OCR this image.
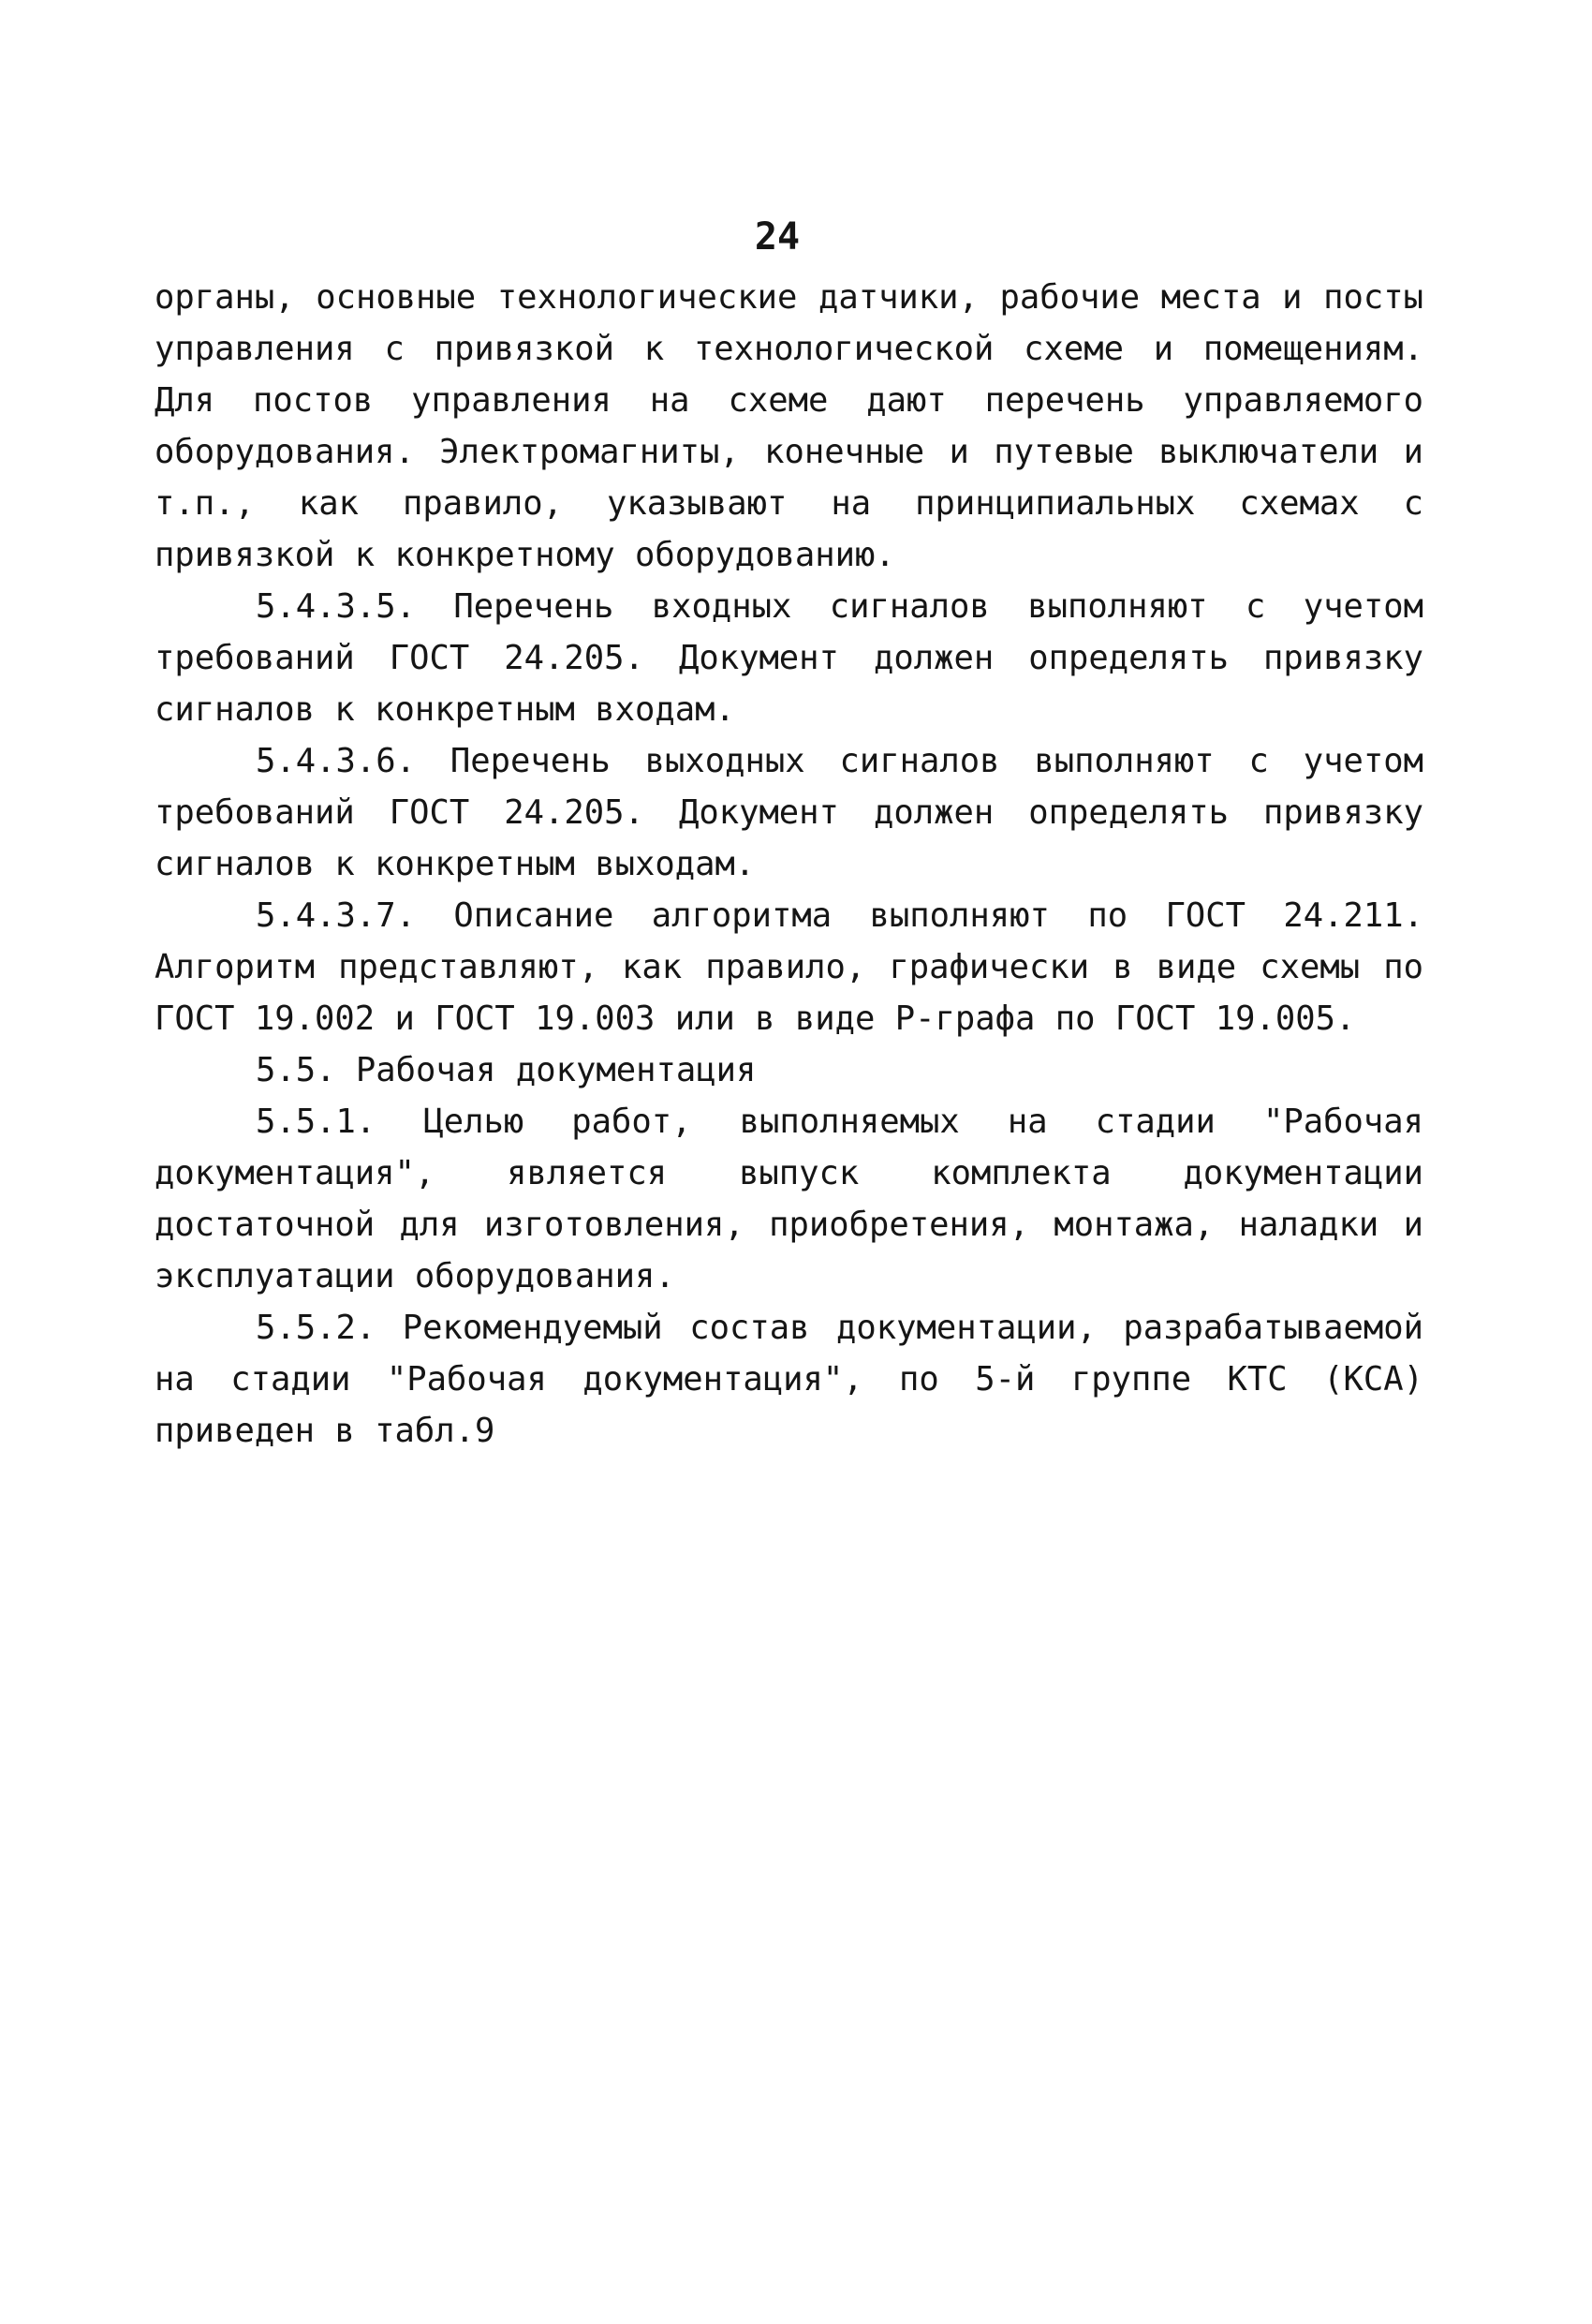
24

органы, основные технологические датчики, рабочие места и посты управления с привязкой к технологической схеме и помещениям. Для постов управления на схеме дают перечень управляемого оборудования. Электромагниты, конечные и путевые выключатели и т.п., как правило, указывают на принципиальных схемах с привязкой к конкретному оборудованию.

5.4.3.5. Перечень входных сигналов выполняют с учетом требований ГОСТ 24.205. Документ должен определять привязку сигналов к конкретным входам.

5.4.3.6. Перечень выходных сигналов выполняют с учетом требований ГОСТ 24.205. Документ должен определять привязку сигналов к конкретным выходам.

5.4.3.7. Описание алгоритма выполняют по ГОСТ 24.211. Алгоритм представляют, как правило, графически в виде схемы по ГОСТ 19.002 и ГОСТ 19.003 или в виде Р-графа по ГОСТ 19.005.

5.5. Рабочая документация

5.5.1. Целью работ, выполняемых на стадии "Рабочая документация", является выпуск комплекта документации достаточной для изготовления, приобретения, монтажа, наладки и эксплуатации оборудования.

5.5.2. Рекомендуемый состав документации, разрабатываемой на стадии "Рабочая документация", по 5-й группе КТС (КСА) приведен в табл.9
